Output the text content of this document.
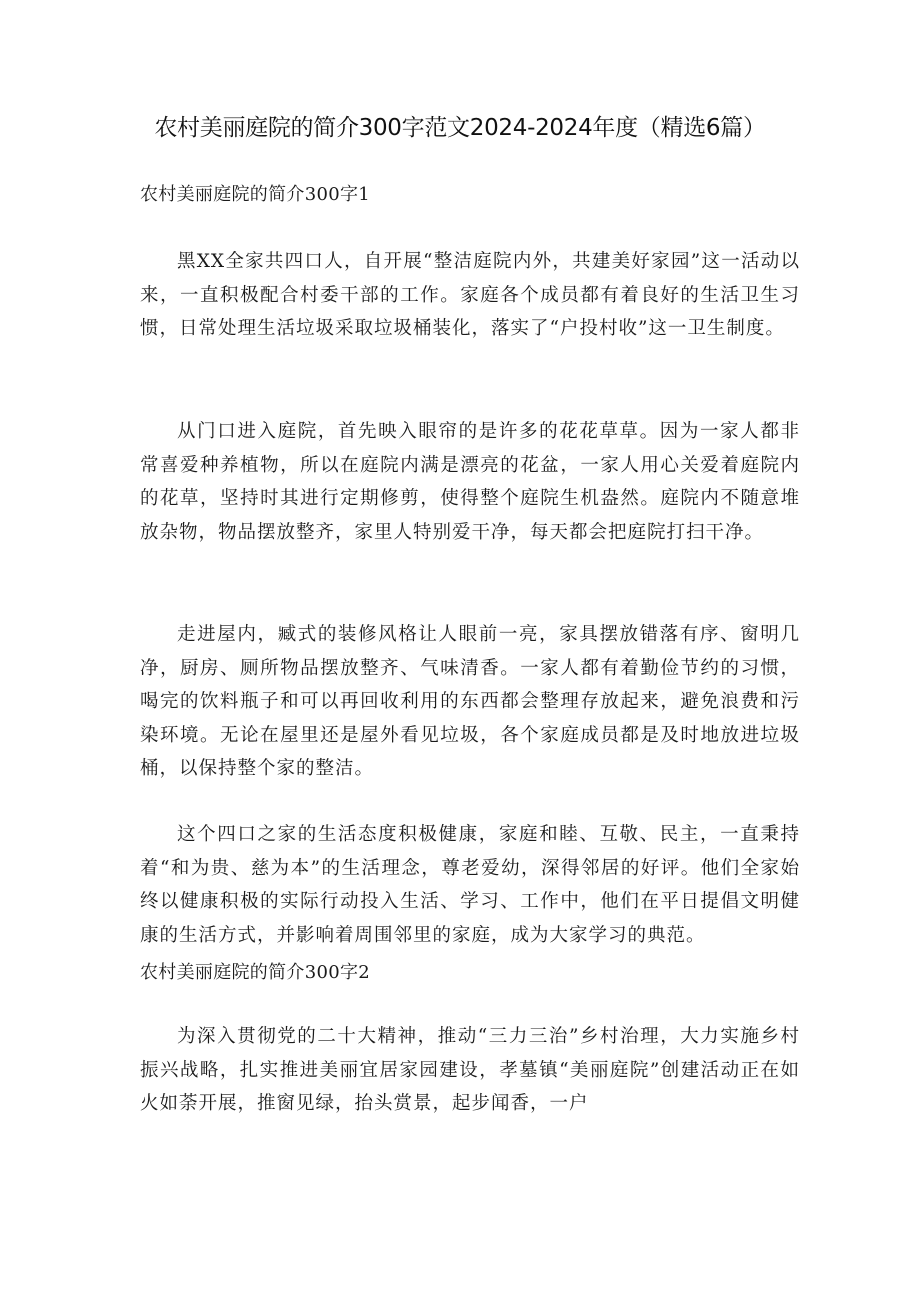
农村美丽庭院的简介300字范文2024-2024年度（精选6篇）
农村美丽庭院的简介300字1

黑XX全家共四口人，自开展“整洁庭院内外，共建美好家园”这一活动以来，一直积极配合村委干部的工作。家庭各个成员都有着良好的生活卫生习惯，日常处理生活垃圾采取垃圾桶装化，落实了“户投村收”这一卫生制度。

从门口进入庭院，首先映入眼帘的是许多的花花草草。因为一家人都非常喜爱种养植物，所以在庭院内满是漂亮的花盆，一家人用心关爱着庭院内的花草，坚持时其进行定期修剪，使得整个庭院生机盎然。庭院内不随意堆放杂物，物品摆放整齐，家里人特别爱干净，每天都会把庭院打扫干净。

走进屋内，臧式的装修风格让人眼前一亮，家具摆放错落有序、窗明几净，厨房、厕所物品摆放整齐、气味清香。一家人都有着勤俭节约的习惯，喝完的饮料瓶子和可以再回收利用的东西都会整理存放起来，避免浪费和污染环境。无论在屋里还是屋外看见垃圾，各个家庭成员都是及时地放进垃圾桶，以保持整个家的整洁。

这个四口之家的生活态度积极健康，家庭和睦、互敬、民主，一直秉持着“和为贵、慈为本”的生活理念，尊老爱幼，深得邻居的好评。他们全家始终以健康积极的实际行动投入生活、学习、工作中，他们在平日提倡文明健康的生活方式，并影响着周围邻里的家庭，成为大家学习的典范。

农村美丽庭院的简介300字2

为深入贯彻党的二十大精神，推动“三力三治”乡村治理，大力实施乡村振兴战略，扎实推进美丽宜居家园建设，孝墓镇“美丽庭院”创建活动正在如火如荼开展，推窗见绿，抬头赏景，起步闻香，一户
